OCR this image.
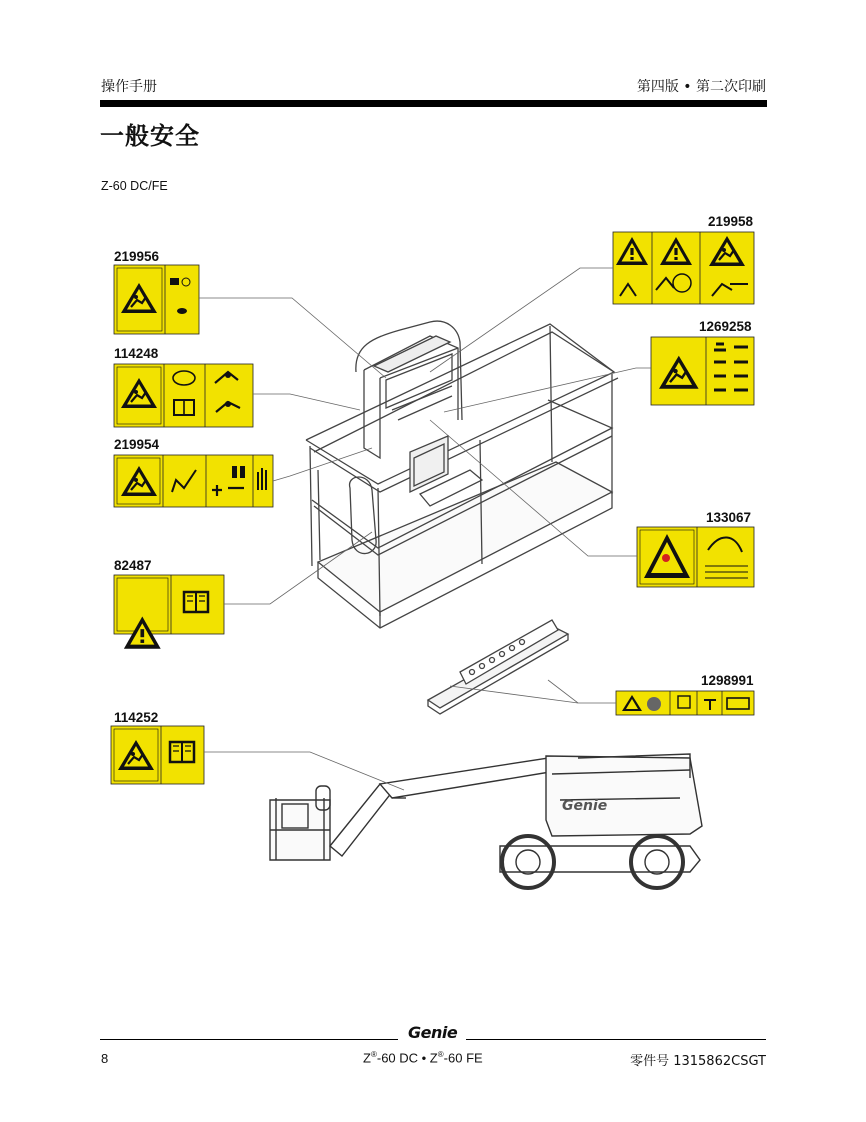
操作手册	第四版 • 第二次印刷
一般安全
Z-60 DC/FE
219956
114248
219954
82487
114252
219958
1269258
133067
1298991
Genie
Genie
8	Z®-60 DC • Z®-60 FE	零件号 1315862CSGT
